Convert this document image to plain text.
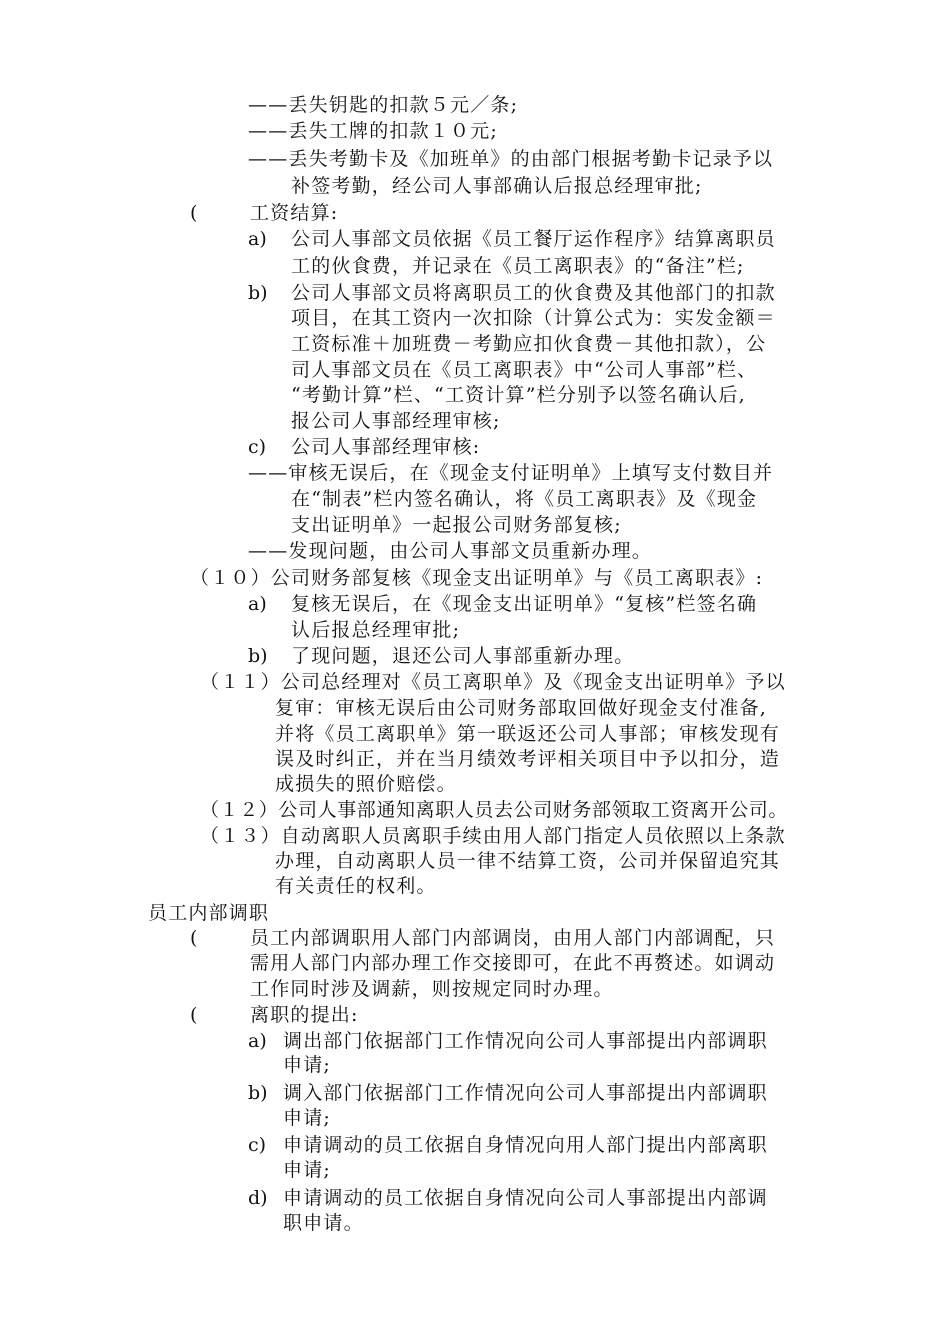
——丢失钥匙的扣款５元／条;
——丢失工牌的扣款１０元;
——丢失考勤卡及《加班单》的由部门根据考勤卡记录予以
补签考勤，经公司人事部确认后报总经理审批;
(	工资结算:
a) 公司人事部文员依据《员工餐厅运作程序》结算离职员
工的伙食费，并记录在《员工离职表》的“备注”栏;
b) 公司人事部文员将离职员工的伙食费及其他部门的扣款
项目，在其工资内一次扣除（计算公式为：实发金额＝
工资标准＋加班费－考勤应扣伙食费－其他扣款），公
司人事部文员在《员工离职表》中“公司人事部”栏、
“考勤计算”栏、“工资计算”栏分别予以签名确认后,
报公司人事部经理审核;
c) 公司人事部经理审核:
——审核无误后，在《现金支付证明单》上填写支付数目并
在“制表”栏内签名确认，将《员工离职表》及《现金
支出证明单》一起报公司财务部复核;
——发现问题，由公司人事部文员重新办理。
（１０）公司财务部复核《现金支出证明单》与《员工离职表》:
a) 复核无误后，在《现金支出证明单》“复核”栏签名确
认后报总经理审批;
b) 了现问题，退还公司人事部重新办理。
（１１）公司总经理对《员工离职单》及《现金支出证明单》予以
复审：审核无误后由公司财务部取回做好现金支付准备,
并将《员工离职单》第一联返还公司人事部；审核发现有
误及时纠正，并在当月绩效考评相关项目中予以扣分，造
成损失的照价赔偿。
（１２）公司人事部通知离职人员去公司财务部领取工资离开公司。
（１３）自动离职人员离职手续由用人部门指定人员依照以上条款
办理，自动离职人员一律不结算工资，公司并保留追究其
有关责任的权利。
员工内部调职
(	员工内部调职用人部门内部调岗，由用人部门内部调配，只
需用人部门内部办理工作交接即可，在此不再赘述。如调动
工作同时涉及调薪，则按规定同时办理。
(	离职的提出:
a) 调出部门依据部门工作情况向公司人事部提出内部调职
申请;
b) 调入部门依据部门工作情况向公司人事部提出内部调职
申请;
c) 申请调动的员工依据自身情况向用人部门提出内部离职
申请;
d) 申请调动的员工依据自身情况向公司人事部提出内部调
职申请。
